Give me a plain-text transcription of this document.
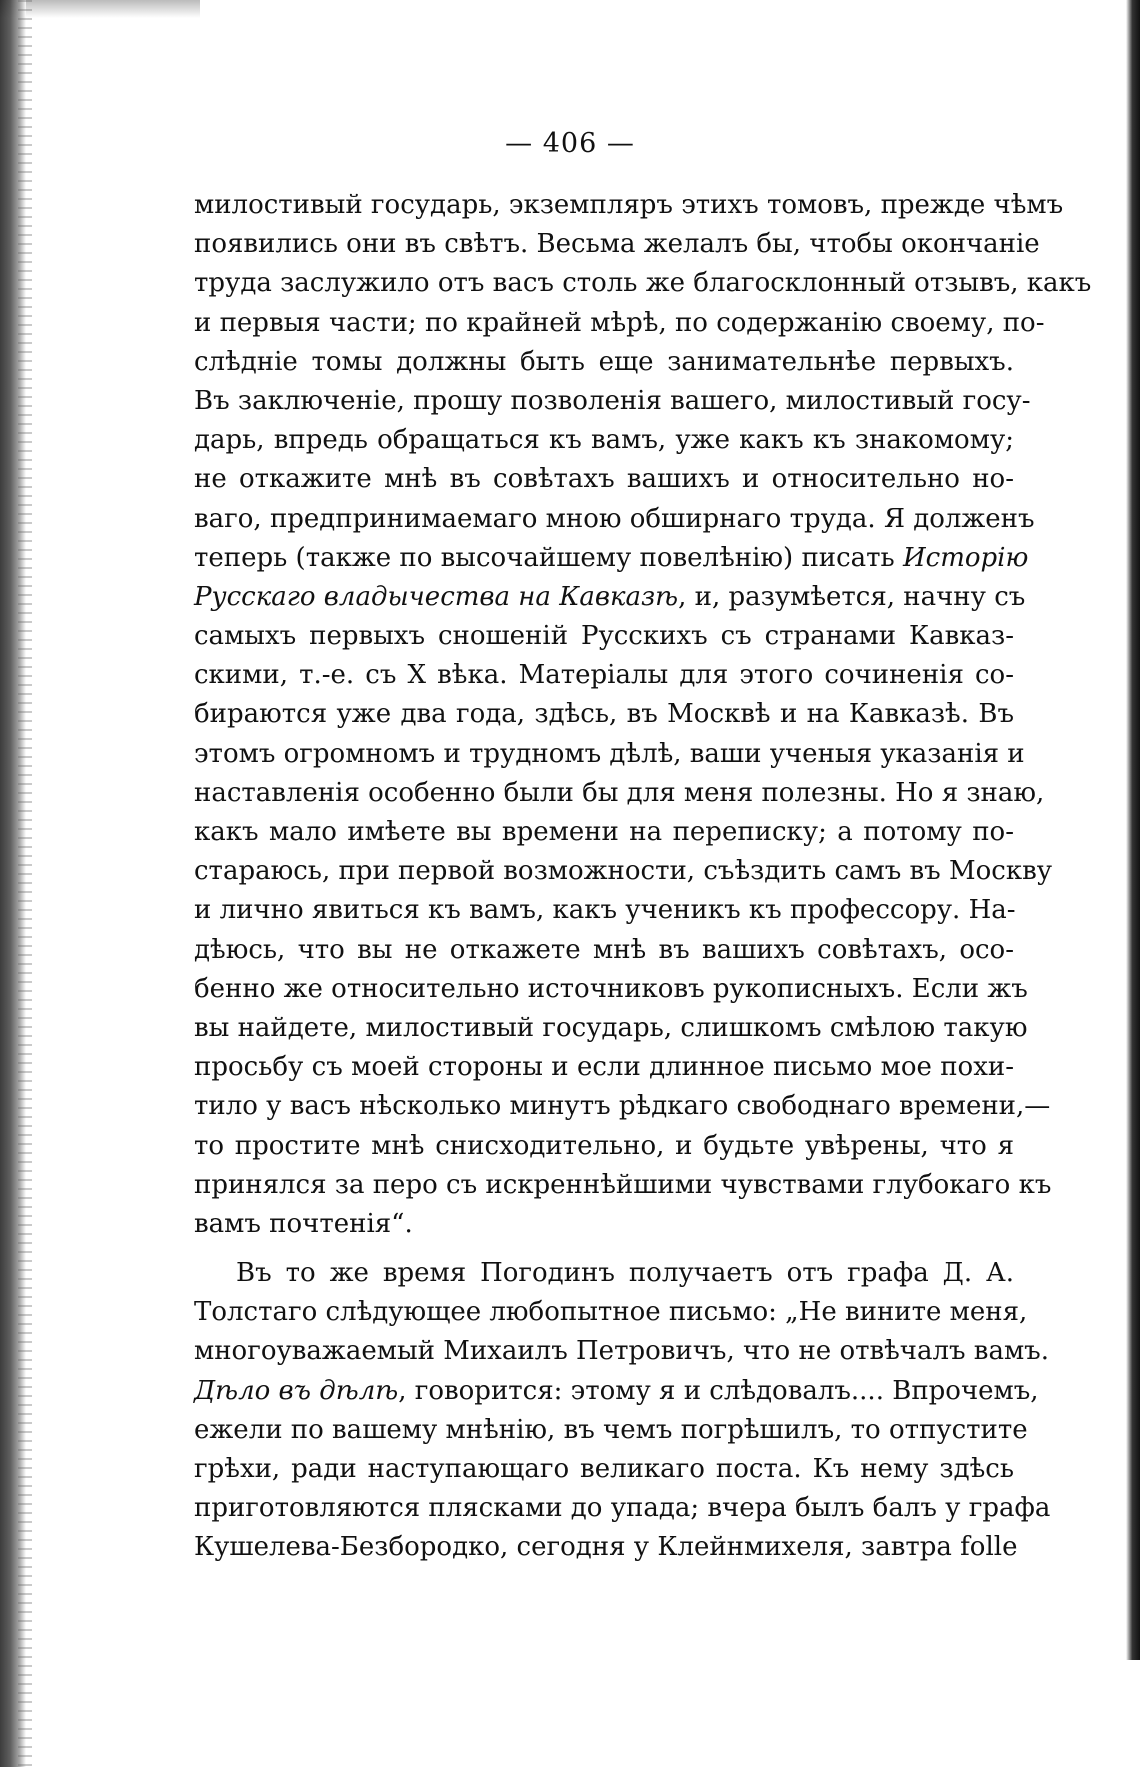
— 406 —
милостивый государь, экземпляръ этихъ томовъ, прежде чѣмъ
появились они въ свѣтъ. Весьма желалъ бы, чтобы окончаніе
труда заслужило отъ васъ столь же благосклонный отзывъ, какъ
и первыя части; по крайней мѣрѣ, по содержанію своему, по-
слѣдніе томы должны быть еще занимательнѣе первыхъ.
Въ заключеніе, прошу позволенія вашего, милостивый госу-
дарь, впредь обращаться къ вамъ, уже какъ къ знакомому;
не откажите мнѣ въ совѣтахъ вашихъ и относительно но-
ваго, предпринимаемаго мною обширнаго труда. Я долженъ
теперь (также по высочайшему повелѣнію) писать Исторію
Русскаго владычества на Кавказѣ, и, разумѣется, начну съ
самыхъ первыхъ сношеній Русскихъ съ странами Кавказ-
скими, т.-е. съ X вѣка. Матеріалы для этого сочиненія со-
бираются уже два года, здѣсь, въ Москвѣ и на Кавказѣ. Въ
этомъ огромномъ и трудномъ дѣлѣ, ваши ученыя указанія и
наставленія особенно были бы для меня полезны. Но я знаю,
какъ мало имѣете вы времени на переписку; а потому по-
стараюсь, при первой возможности, съѣздить самъ въ Москву
и лично явиться къ вамъ, какъ ученикъ къ профессору. На-
дѣюсь, что вы не откажете мнѣ въ вашихъ совѣтахъ, осо-
бенно же относительно источниковъ рукописныхъ. Если жъ
вы найдете, милостивый государь, слишкомъ смѣлою такую
просьбу съ моей стороны и если длинное письмо мое похи-
тило у васъ нѣсколько минутъ рѣдкаго свободнаго времени,—
то простите мнѣ снисходительно, и будьте увѣрены, что я
принялся за перо съ искреннѣйшими чувствами глубокаго къ
вамъ почтенія“.
Въ то же время Погодинъ получаетъ отъ графа Д. А.
Толстаго слѣдующее любопытное письмо: „Не вините меня,
многоуважаемый Михаилъ Петровичъ, что не отвѣчалъ вамъ.
Дѣло въ дѣлѣ, говорится: этому я и слѣдовалъ.... Впрочемъ,
ежели по вашему мнѣнію, въ чемъ погрѣшилъ, то отпустите
грѣхи, ради наступающаго великаго поста. Къ нему здѣсь
приготовляются плясками до упада; вчера былъ балъ у графа
Кушелева-Безбородко, сегодня у Клейнмихеля, завтра folle
